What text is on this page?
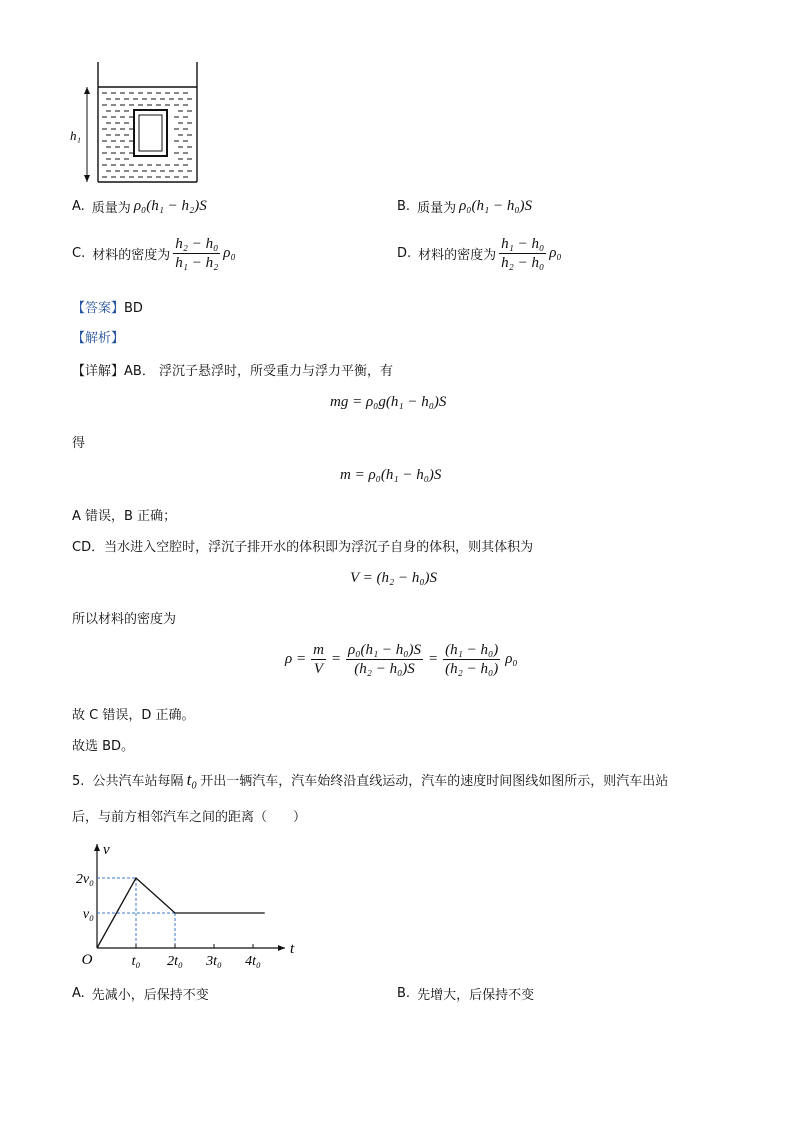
h₁
A. 质量为 ρ₀(h₁ − h₂)S	B. 质量为 ρ₀(h₁ − h₀)S
C. 材料的密度为 $\frac{\text{h₂ − h₀}}{\text{h₁ − h₂}} \rho_0$	D. 材料的密度为 $\frac{\text{h₁ − h₀}}{\text{h₂ − h₀}} \rho_0$
【答案】BD
【解析】
【详解】AB． 浮沉子悬浮时，所受重力与浮力平衡，有
mg = ρ₀g(h₁ − h₀)S
得
m = ρ₀(h₁ − h₀)S
A 错误，B 正确；
CD．当水进入空腔时，浮沉子排开水的体积即为浮沉子自身的体积，则其体积为
V = (h₂ − h₀)S
所以材料的密度为
$\rho = \frac{m}{V} = \frac{\text{ρ₀(h₁ − h₀)S}}{\text{(h₂ − h₀)S}} = \frac{\text{(h₁ − h₀)}}{\text{(h₂ − h₀)}} \rho_0$
故 C 错误，D 正确。
故选 BD。
5. 公共汽车站每隔 t₀ 开出一辆汽车，汽车始终沿直线运动，汽车的速度时间图线如图所示，则汽车出站
后，与前方相邻汽车之间的距离（　　）
t
v
O
v₀
2v₀
t₀ 2t₀ 3t₀ 4t₀
A. 先减小，后保持不变	B. 先增大，后保持不变
